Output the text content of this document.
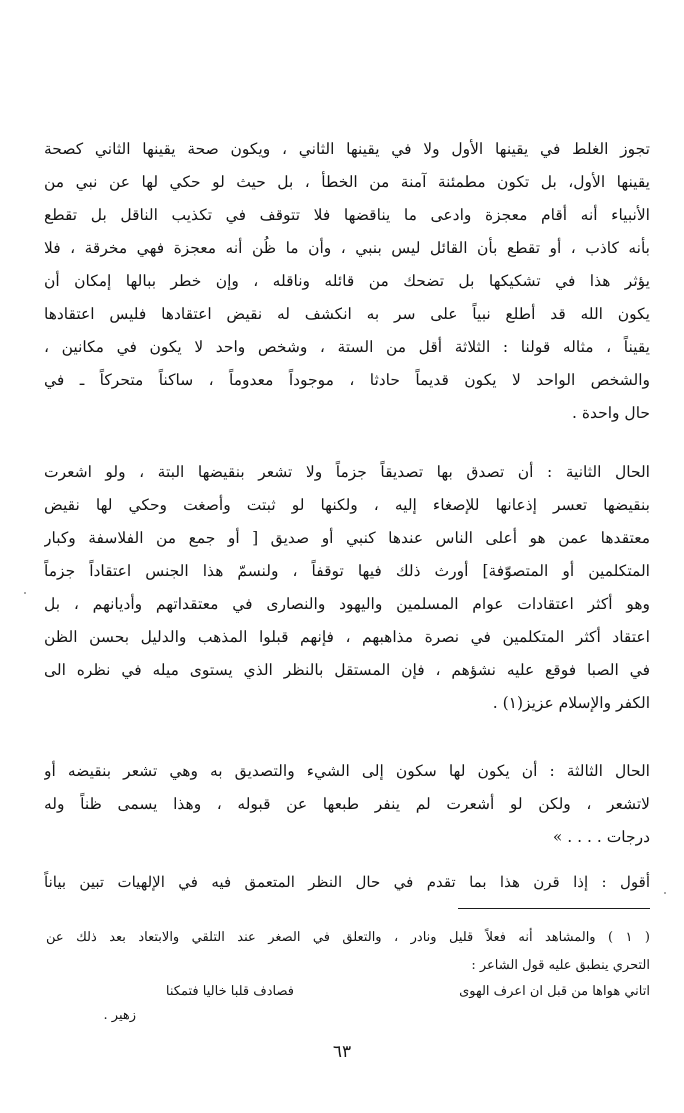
تجوز الغلط في يقينها الأول ولا في يقينها الثاني ، ويكون صحة يقينها الثاني كصحة
يقينها الأول، بل تكون مطمئنة آمنة من الخطأ ، بل حيث لو حكي لها عن نبي من
الأنبياء أنه أقام معجزة وادعى ما يناقضها فلا تتوقف في تكذيب الناقل بل تقطع
بأنه كاذب ، أو تقطع بأن القائل ليس بنبي ، وأن ما ظُن أنه معجزة فهي مخرقة ، فلا
يؤثر هذا في تشكيكها بل تضحك من قائله وناقله ، وإن خطر ببالها إمكان أن
يكون الله قد أطلع نبياً على سر به انكشف له نقيض اعتقادها فليس اعتقادها
يقيناً ، مثاله قولنا : الثلاثة أقل من الستة ، وشخص واحد لا يكون في مكانين ،
والشخص الواحد لا يكون قديماً حادثا ، موجوداً معدوماً ، ساكناً متحركاً ـ في
حال واحدة .
الحال الثانية : أن تصدق بها تصديقاً جزماً ولا تشعر بنقيضها البتة ، ولو اشعرت
بنقيضها تعسر إذعانها للإصغاء إليه ، ولكنها لو ثبتت وأصغت وحكي لها نقيض
معتقدها عمن هو أعلى الناس عندها كنبي أو صديق [ أو جمع من الفلاسفة وكبار
المتكلمين أو المتصوّفة] أورث ذلك فيها توقفاً ، ولنسمّ هذا الجنس اعتقاداً جزماً
وهو أكثر اعتقادات عوام المسلمين واليهود والنصارى في معتقداتهم وأديانهم ، بل
اعتقاد أكثر المتكلمين في نصرة مذاهبهم ، فإنهم قبلوا المذهب والدليل بحسن الظن
في الصبا فوقع عليه نشؤهم ، فإن المستقل بالنظر الذي يستوى ميله في نظره الى
الكفر والإسلام عزيز(١) .
الحال الثالثة : أن يكون لها سكون إلى الشيء والتصديق به وهي تشعر بنقيضه أو
لاتشعر ، ولكن لو أشعرت لم ينفر طبعها عن قبوله ، وهذا يسمى ظناً وله
درجات . . . . »
أقول : إذا قرن هذا بما تقدم في حال النظر المتعمق فيه في الإلهيات تبين بياناً
( ١ ) والمشاهد أنه فعلاً قليل ونادر ، والتعلق في الصغر عند التلقي والابتعاد بعد ذلك عن
التحري ينطبق عليه قول الشاعر :
اتاني هواها من قبل ان اعرف الهوى
فصادف قلبا خاليا فتمكنا
زهير .
٦٣
